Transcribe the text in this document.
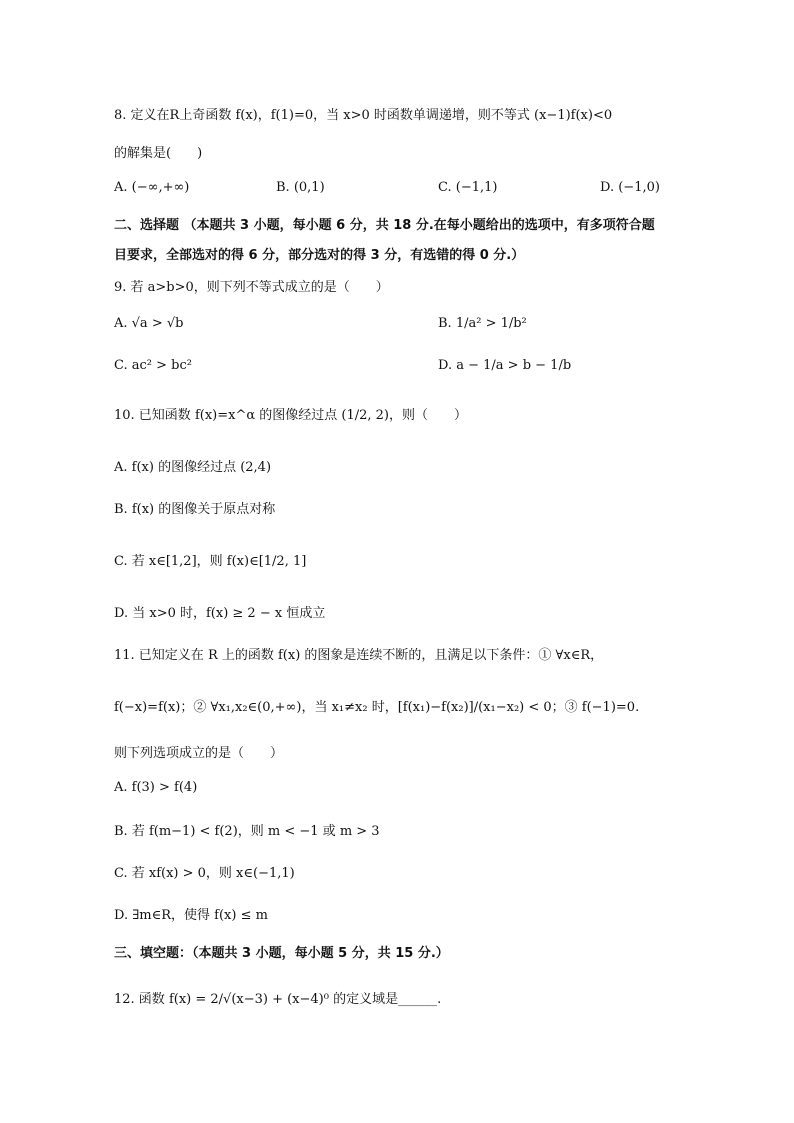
8. 定义在R上奇函数 f(x)，f(1)=0，当 x>0 时函数单调递增，则不等式 (x−1)f(x)<0
的解集是(　　)
A. (−∞,+∞)	B. (0,1)	C. (−1,1)	D. (−1,0)
二、选择题 （本题共 3 小题，每小题 6 分，共 18 分.在每小题给出的选项中，有多项符合题
目要求，全部选对的得 6 分，部分选对的得 3 分，有选错的得 0 分.）
9. 若 a>b>0，则下列不等式成立的是（　　）
A. √a > √b	B. 1/a² > 1/b²
C. ac² > bc²	D. a − 1/a > b − 1/b
10. 已知函数 f(x)=x^α 的图像经过点 (1/2, 2)，则（　　）
A. f(x) 的图像经过点 (2,4)
B. f(x) 的图像关于原点对称
C. 若 x∈[1,2]，则 f(x)∈[1/2, 1]
D. 当 x>0 时，f(x) ≥ 2 − x 恒成立
11. 已知定义在 R 上的函数 f(x) 的图象是连续不断的，且满足以下条件：① ∀x∈R，
f(−x)=f(x)；② ∀x₁,x₂∈(0,+∞)，当 x₁≠x₂ 时，[f(x₁)−f(x₂)]/(x₁−x₂) < 0；③ f(−1)=0.
则下列选项成立的是（　　）
A. f(3) > f(4)
B. 若 f(m−1) < f(2)，则 m < −1 或 m > 3
C. 若 xf(x) > 0，则 x∈(−1,1)
D. ∃m∈R，使得 f(x) ≤ m
三、填空题：（本题共 3 小题，每小题 5 分，共 15 分.）
12. 函数 f(x) = 2/√(x−3) + (x−4)⁰ 的定义域是______.
